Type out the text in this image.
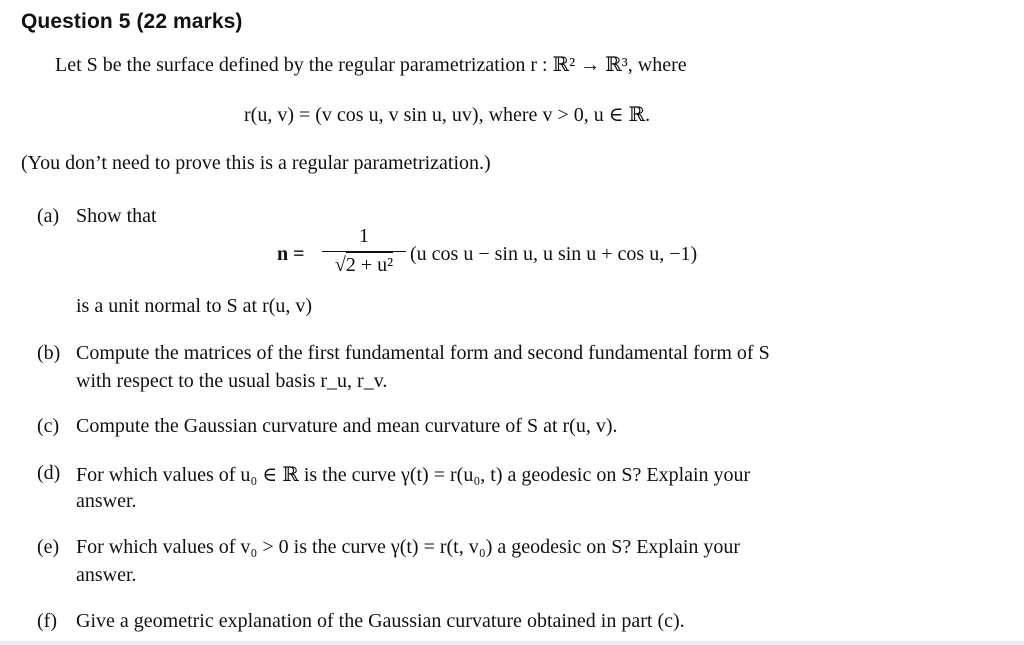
Question 5 (22 marks)
Let S be the surface defined by the regular parametrization r : ℝ² → ℝ³, where
r(u, v) = (v cos u, v sin u, uv), where v > 0, u ∈ ℝ.
(You don’t need to prove this is a regular parametrization.)
(a) Show that
n =
1
√2 + u² (u cos u − sin u, u sin u + cos u, −1)
is a unit normal to S at r(u, v)
(b) Compute the matrices of the first fundamental form and second fundamental form of S
with respect to the usual basis r_u, r_v.
(c) Compute the Gaussian curvature and mean curvature of S at r(u, v).
(d) For which values of u₀ ∈ ℝ is the curve γ(t) = r(u₀, t) a geodesic on S? Explain your
answer.
(e) For which values of v₀ > 0 is the curve γ(t) = r(t, v₀) a geodesic on S? Explain your
answer.
(f) Give a geometric explanation of the Gaussian curvature obtained in part (c).
